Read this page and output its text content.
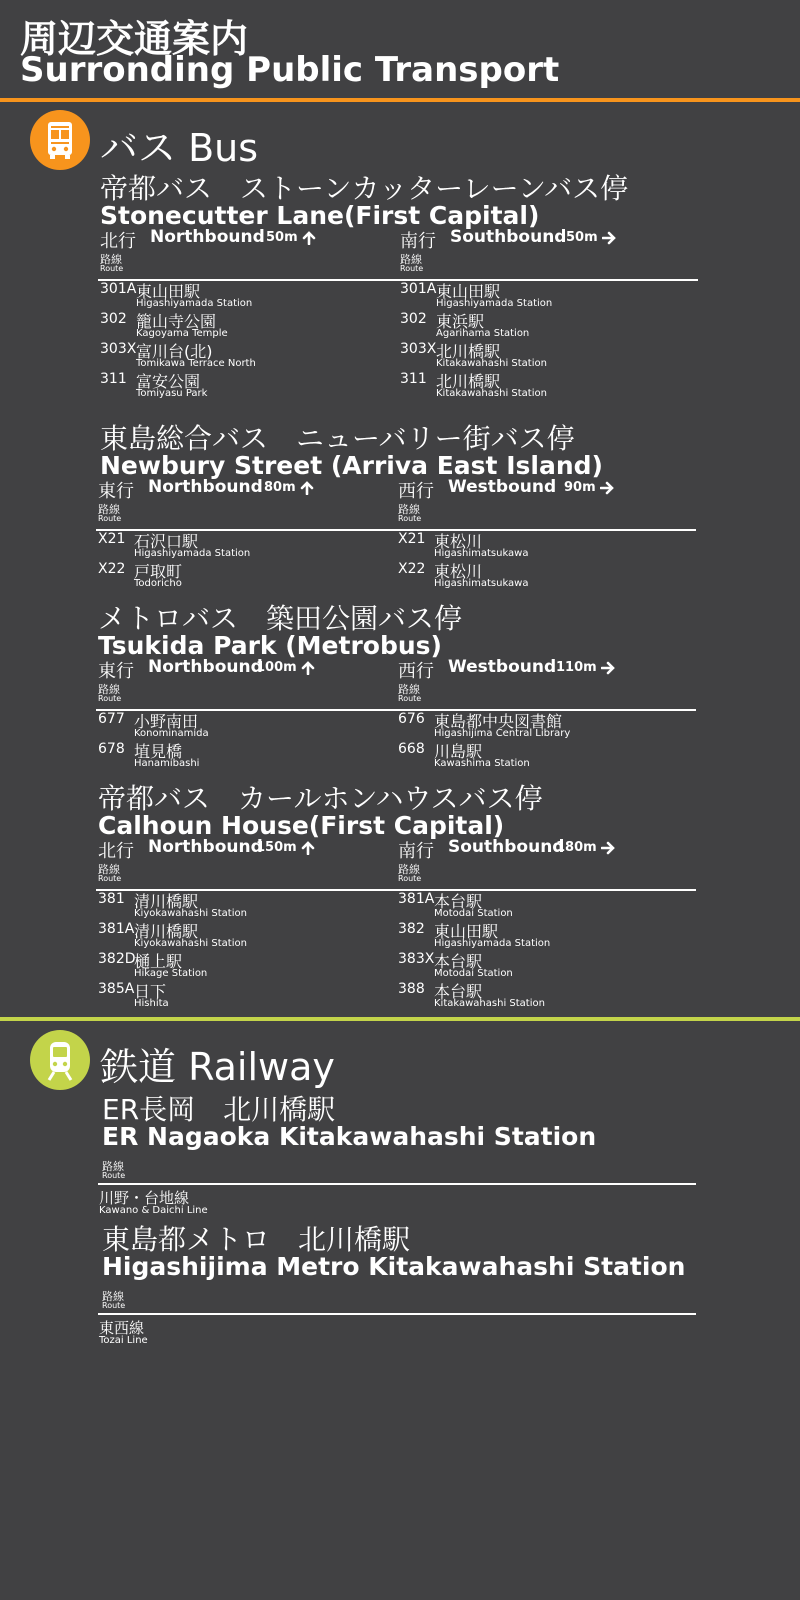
周辺交通案内
Surronding Public Transport
バス Bus
帝都バス　ストーンカッターレーンバス停
Stonecutter Lane(First Capital)
北行 Northbound 50m
路線
Route
301A 東山田駅
Higashiyamada Station
302 籠山寺公園
Kagoyama Temple
303X 富川台(北)
Tomikawa Terrace North
311 富安公園
Tomiyasu Park
南行 Southbound 50m
路線
Route
301A 東山田駅
Higashiyamada Station
302 東浜駅
Agarihama Station
303X 北川橋駅
Kitakawahashi Station
311 北川橋駅
Kitakawahashi Station
東島総合バス　ニューバリー街バス停
Newbury Street (Arriva East Island)
東行 Northbound 80m
路線
Route
X21 石沢口駅
Higashiyamada Station
X22 戸取町
Todoricho
西行 Westbound 90m
路線
Route
X21 東松川
Higashimatsukawa
X22 東松川
Higashimatsukawa
メトロバス　築田公園バス停
Tsukida Park (Metrobus)
東行 Northbound
100m
路線
Route
677 小野南田
Konominamida
678 埴見橋
Hanamibashi
西行 Westbound 110m
路線
Route
676 東島都中央図書館
Higashijima Central Library
668 川島駅
Kawashima Station
帝都バス　カールホンハウスバス停
Calhoun House(First Capital)
北行 Northbound
150m
路線
Route
381 清川橋駅
Kiyokawahashi Station
381A 清川橋駅
Kiyokawahashi Station
382D
樋上駅
Hikage Station
385A 日下
Hishita
南行 Southbound
180m
路線
Route
381A 本台駅
Motodai Station
382 東山田駅
Higashiyamada Station
383X 本台駅
Motodai Station
388 本台駅
Kitakawahashi Station
鉄道 Railway
ER長岡　北川橋駅
ER Nagaoka Kitakawahashi Station
路線
Route
川野・台地線
Kawano & Daichi Line
東島都メトロ　北川橋駅
Higashijima Metro Kitakawahashi Station
路線
Route
東西線
Tozai Line
